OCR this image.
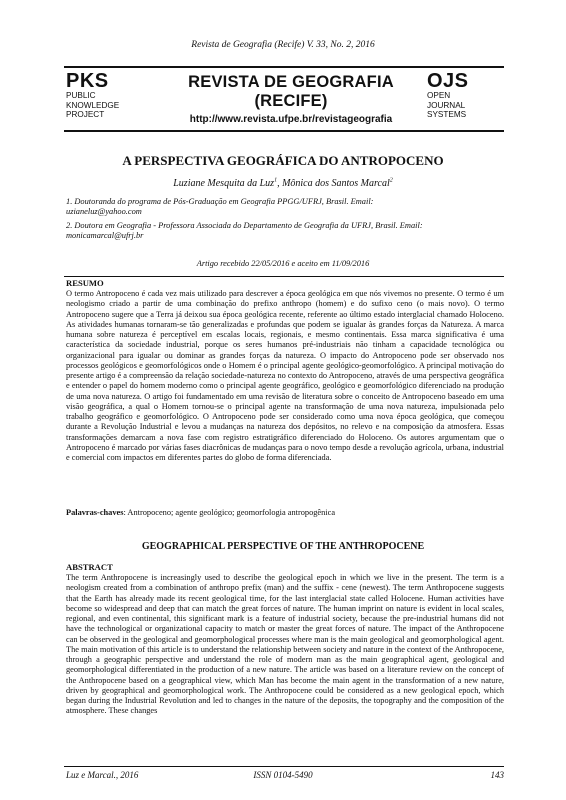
Revista de Geografia (Recife) V. 33, No. 2, 2016
PKS
PUBLIC
KNOWLEDGE
PROJECT
REVISTA DE GEOGRAFIA
(RECIFE)
http://www.revista.ufpe.br/revistageografia
OJS
OPEN
JOURNAL
SYSTEMS
A PERSPECTIVA GEOGRÁFICA DO ANTROPOCENO
Luziane Mesquita da Luz$^1$, Mônica dos Santos Marcal$^2$
1. Doutoranda do programa de Pós-Graduação em Geografia PPGG/UFRJ, Brasil. Email:
uzianeluz@yahoo.com
2. Doutora em Geografia - Professora Associada do Departamento de Geografia da UFRJ, Brasil. Email:
monicamarcal@ufrj.br
Artigo recebido 22/05/2016 e aceito em 11/09/2016
RESUMO
O termo Antropoceno é cada vez mais utilizado para descrever a época geológica em que nós vivemos no presente. O termo é um neologismo criado a partir de uma combinação do prefixo anthropo (homem) e do sufixo ceno (o mais novo). O termo Antropoceno sugere que a Terra já deixou sua época geológica recente, referente ao último estado interglacial chamado Holoceno. As atividades humanas tornaram-se tão generalizadas e profundas que podem se igualar às grandes forças da Natureza. A marca humana sobre natureza é perceptível em escalas locais, regionais, e mesmo continentais. Essa marca significativa é uma característica da sociedade industrial, porque os seres humanos pré-industriais não tinham a capacidade tecnológica ou organizacional para igualar ou dominar as grandes forças da natureza. O impacto do Antropoceno pode ser observado nos processos geológicos e geomorfológicos onde o Homem é o principal agente geológico-geomorfológico. A principal motivação do presente artigo é a compreensão da relação sociedade-natureza no contexto do Antropoceno, através de uma perspectiva geográfica e entender o papel do homem moderno como o principal agente geográfico, geológico e geomorfológico diferenciado na produção de uma nova natureza. O artigo foi fundamentado em uma revisão de literatura sobre o conceito de Antropoceno baseado em uma visão geográfica, a qual o Homem tornou-se o principal agente na transformação de uma nova natureza, impulsionada pelo trabalho geográfico e geomorfológico. O Antropoceno pode ser considerado como uma nova época geológica, que começou durante a Revolução Industrial e levou a mudanças na natureza dos depósitos, no relevo e na composição da atmosfera. Essas transformações demarcam a nova fase com registro estratigráfico diferenciado do Holoceno. Os autores argumentam que o Antropoceno é marcado por várias fases diacrônicas de mudanças para o novo tempo desde a revolução agrícola, urbana, industrial e comercial com impactos em diferentes partes do globo de forma diferenciada.
Palavras-chaves: Antropoceno; agente geológico; geomorfologia antropogênica
GEOGRAPHICAL PERSPECTIVE OF THE ANTHROPOCENE
ABSTRACT
The term Anthropocene is increasingly used to describe the geological epoch in which we live in the present. The term is a neologism created from a combination of anthropo prefix (man) and the suffix - cene (newest). The term Anthropocene suggests that the Earth has already made its recent geological time, for the last interglacial state called Holocene. Human activities have become so widespread and deep that can match the great forces of nature. The human imprint on nature is evident in local scales, regional, and even continental, this significant mark is a feature of industrial society, because the pre-industrial humans did not have the technological or organizational capacity to match or master the great forces of nature. The impact of the Anthropocene can be observed in the geological and geomorphological processes where man is the main geological and geomorphological agent. The main motivation of this article is to understand the relationship between society and nature in the context of the Anthropocene, through a geographic perspective and understand the role of modern man as the main geographical agent, geological and geomorphological differentiated in the production of a new nature. The article was based on a literature review on the concept of the Anthropocene based on a geographical view, which Man has become the main agent in the transformation of a new nature, driven by geographical and geomorphological work. The Anthropocene could be considered as a new geological epoch, which began during the Industrial Revolution and led to changes in the nature of the deposits, the topography and the composition of the atmosphere. These changes
Luz e Marcal., 2016	ISSN 0104-5490	143
